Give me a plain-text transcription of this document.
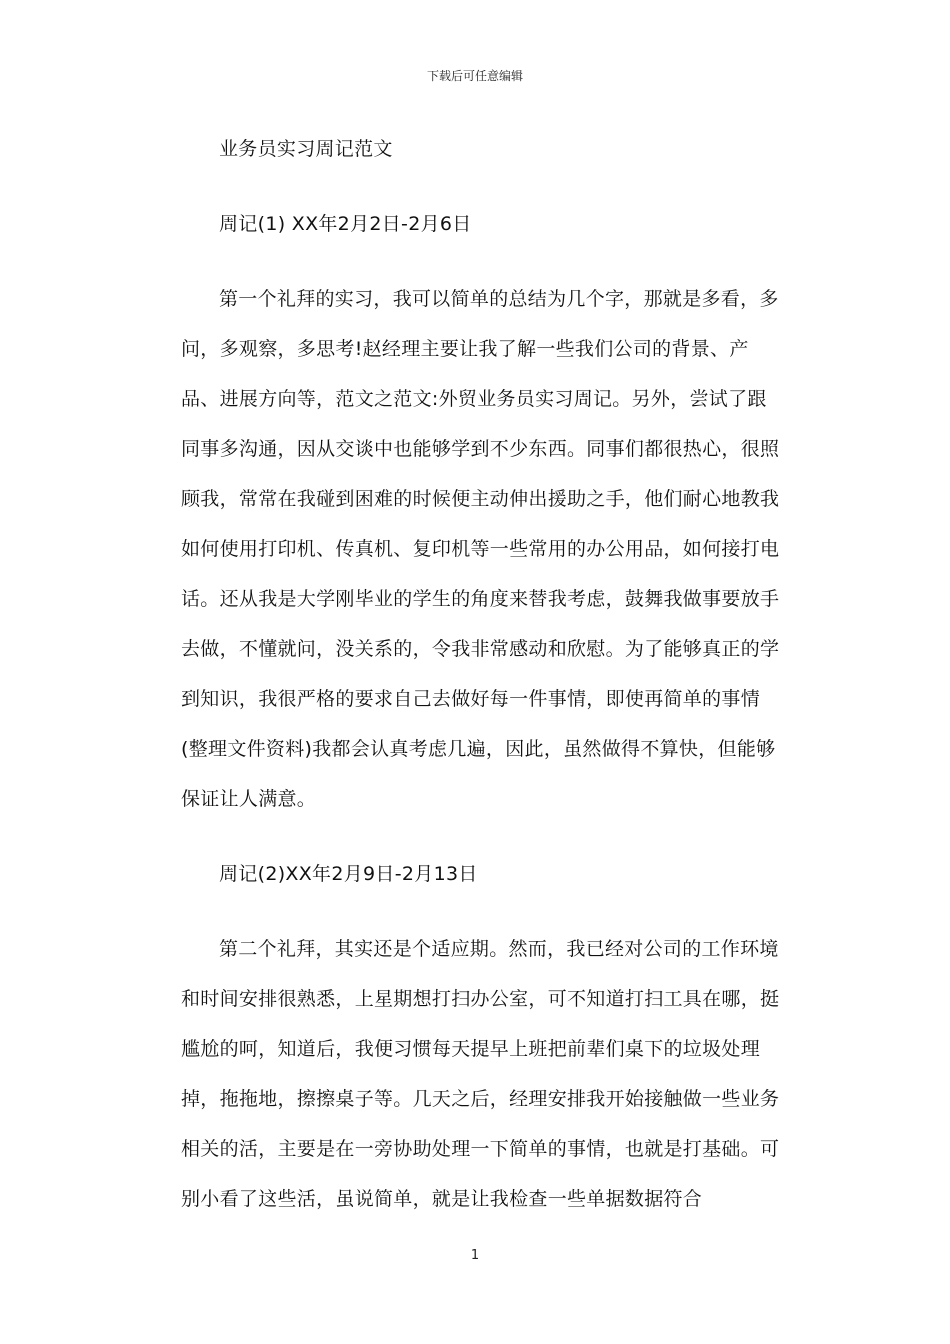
下载后可任意编辑

业务员实习周记范文

周记(1) XX年2月2日-2月6日

第一个礼拜的实习，我可以简单的总结为几个字，那就是多看，多问，多观察，多思考!赵经理主要让我了解一些我们公司的背景、产品、进展方向等，范文之范文:外贸业务员实习周记。另外，尝试了跟同事多沟通，因从交谈中也能够学到不少东西。同事们都很热心，很照顾我，常常在我碰到困难的时候便主动伸出援助之手，他们耐心地教我如何使用打印机、传真机、复印机等一些常用的办公用品，如何接打电话。还从我是大学刚毕业的学生的角度来替我考虑，鼓舞我做事要放手去做，不懂就问，没关系的，令我非常感动和欣慰。为了能够真正的学到知识，我很严格的要求自己去做好每一件事情，即使再简单的事情(整理文件资料)我都会认真考虑几遍，因此，虽然做得不算快，但能够保证让人满意。

周记(2)XX年2月9日-2月13日

第二个礼拜，其实还是个适应期。然而，我已经对公司的工作环境和时间安排很熟悉，上星期想打扫办公室，可不知道打扫工具在哪，挺尴尬的呵，知道后，我便习惯每天提早上班把前辈们桌下的垃圾处理掉，拖拖地，擦擦桌子等。几天之后，经理安排我开始接触做一些业务相关的活，主要是在一旁协助处理一下简单的事情，也就是打基础。可别小看了这些活，虽说简单，就是让我检查一些单据数据符合

1
